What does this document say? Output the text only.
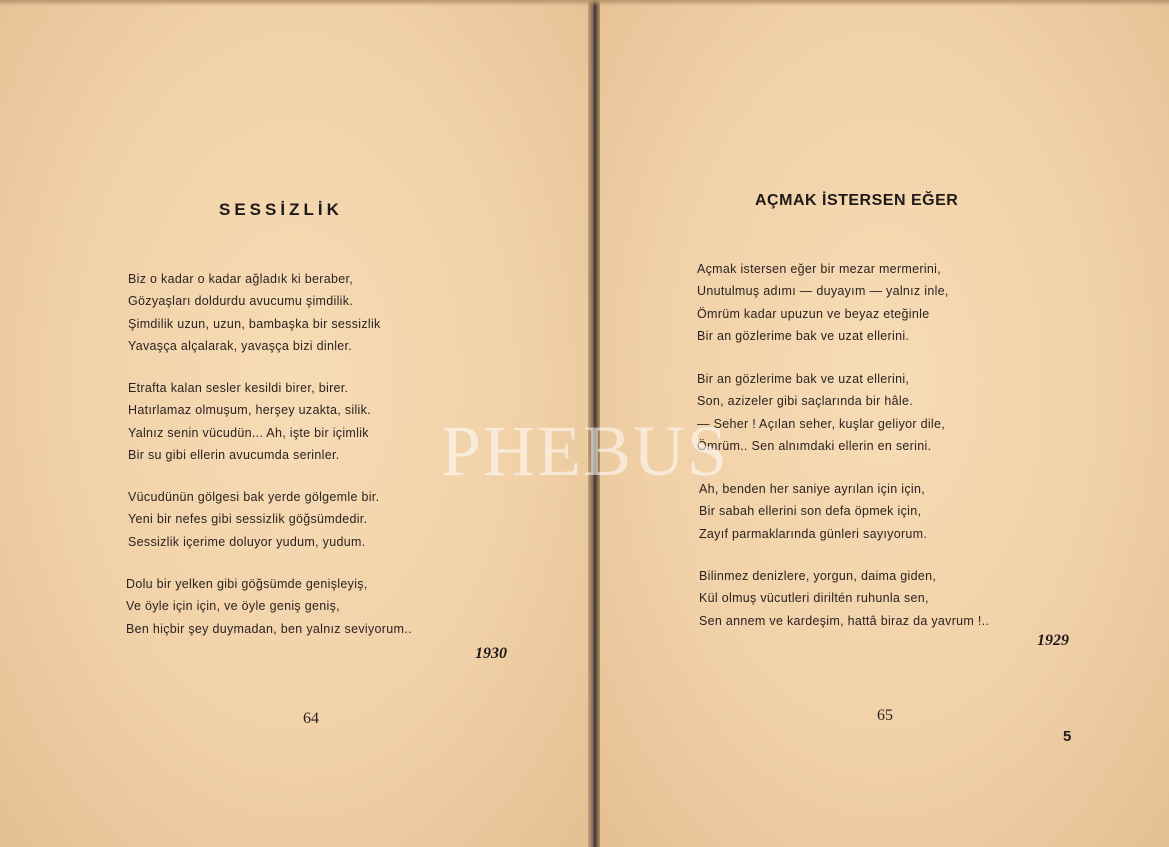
SESSİZLİK
Biz o kadar o kadar ağladık ki beraber,
Gözyaşları doldurdu avucumu şimdilik.
Şimdilik uzun, uzun, bambaşka bir sessizlik
Yavaşça alçalarak, yavaşça bizi dinler.
Etrafta kalan sesler kesildi birer, birer.
Hatırlamaz olmuşum, herşey uzakta, silik.
Yalnız senin vücudün... Ah, işte bir içimlik
Bir su gibi ellerin avucumda serinler.
Vücudünün gölgesi bak yerde gölgemle bir.
Yeni bir nefes gibi sessizlik göğsümdedir.
Sessizlik içerime doluyor yudum, yudum.
Dolu bir yelken gibi göğsümde genişleyiş,
Ve öyle için için, ve öyle geniş geniş,
Ben hiçbir şey duymadan, ben yalnız seviyorum..
1930
64
AÇMAK İSTERSEN EĞER
Açmak istersen eğer bir mezar mermerini,
Unutulmuş adımı — duyayım — yalnız inle,
Ömrüm kadar upuzun ve beyaz eteğinle
Bir an gözlerime bak ve uzat ellerini.
Bir an gözlerime bak ve uzat ellerini,
Son, azizeler gibi saçlarında bir hâle.
— Seher ! Açılan seher, kuşlar geliyor dile,
Ömrüm.. Sen alnımdaki ellerin en serini.
Ah, benden her saniye ayrılan için için,
Bir sabah ellerini son defa öpmek için,
Zayıf parmaklarında günleri sayıyorum.
Bilinmez denizlere, yorgun, daima giden,
Kül olmuş vücutleri diriltén ruhunla sen,
Sen annem ve kardeşim, hattâ biraz da yavrum !..
1929
65
5
PHEBUS
